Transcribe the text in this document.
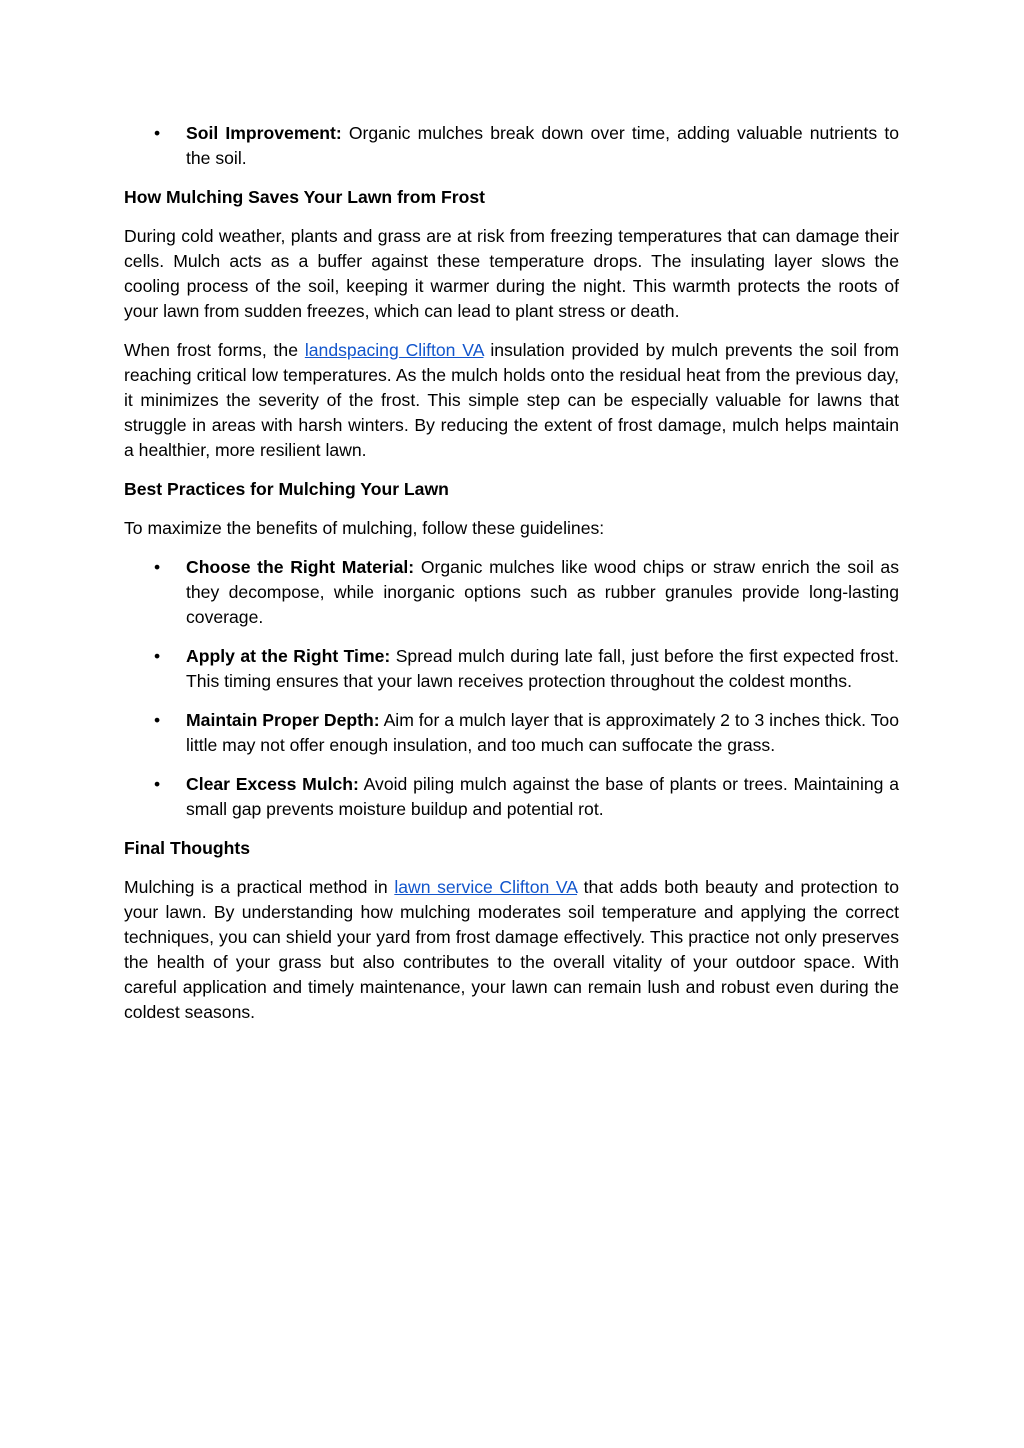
• Soil Improvement: Organic mulches break down over time, adding valuable nutrients to the soil.
How Mulching Saves Your Lawn from Frost

During cold weather, plants and grass are at risk from freezing temperatures that can damage their cells. Mulch acts as a buffer against these temperature drops. The insulating layer slows the cooling process of the soil, keeping it warmer during the night. This warmth protects the roots of your lawn from sudden freezes, which can lead to plant stress or death.

When frost forms, the landspacing Clifton VA insulation provided by mulch prevents the soil from reaching critical low temperatures. As the mulch holds onto the residual heat from the previous day, it minimizes the severity of the frost. This simple step can be especially valuable for lawns that struggle in areas with harsh winters. By reducing the extent of frost damage, mulch helps maintain a healthier, more resilient lawn.

Best Practices for Mulching Your Lawn

To maximize the benefits of mulching, follow these guidelines:

• Choose the Right Material: Organic mulches like wood chips or straw enrich the soil as they decompose, while inorganic options such as rubber granules provide long-lasting coverage.
• Apply at the Right Time: Spread mulch during late fall, just before the first expected frost. This timing ensures that your lawn receives protection throughout the coldest months.
• Maintain Proper Depth: Aim for a mulch layer that is approximately 2 to 3 inches thick. Too little may not offer enough insulation, and too much can suffocate the grass.
• Clear Excess Mulch: Avoid piling mulch against the base of plants or trees. Maintaining a small gap prevents moisture buildup and potential rot.
Final Thoughts

Mulching is a practical method in lawn service Clifton VA that adds both beauty and protection to your lawn. By understanding how mulching moderates soil temperature and applying the correct techniques, you can shield your yard from frost damage effectively. This practice not only preserves the health of your grass but also contributes to the overall vitality of your outdoor space. With careful application and timely maintenance, your lawn can remain lush and robust even during the coldest seasons.
